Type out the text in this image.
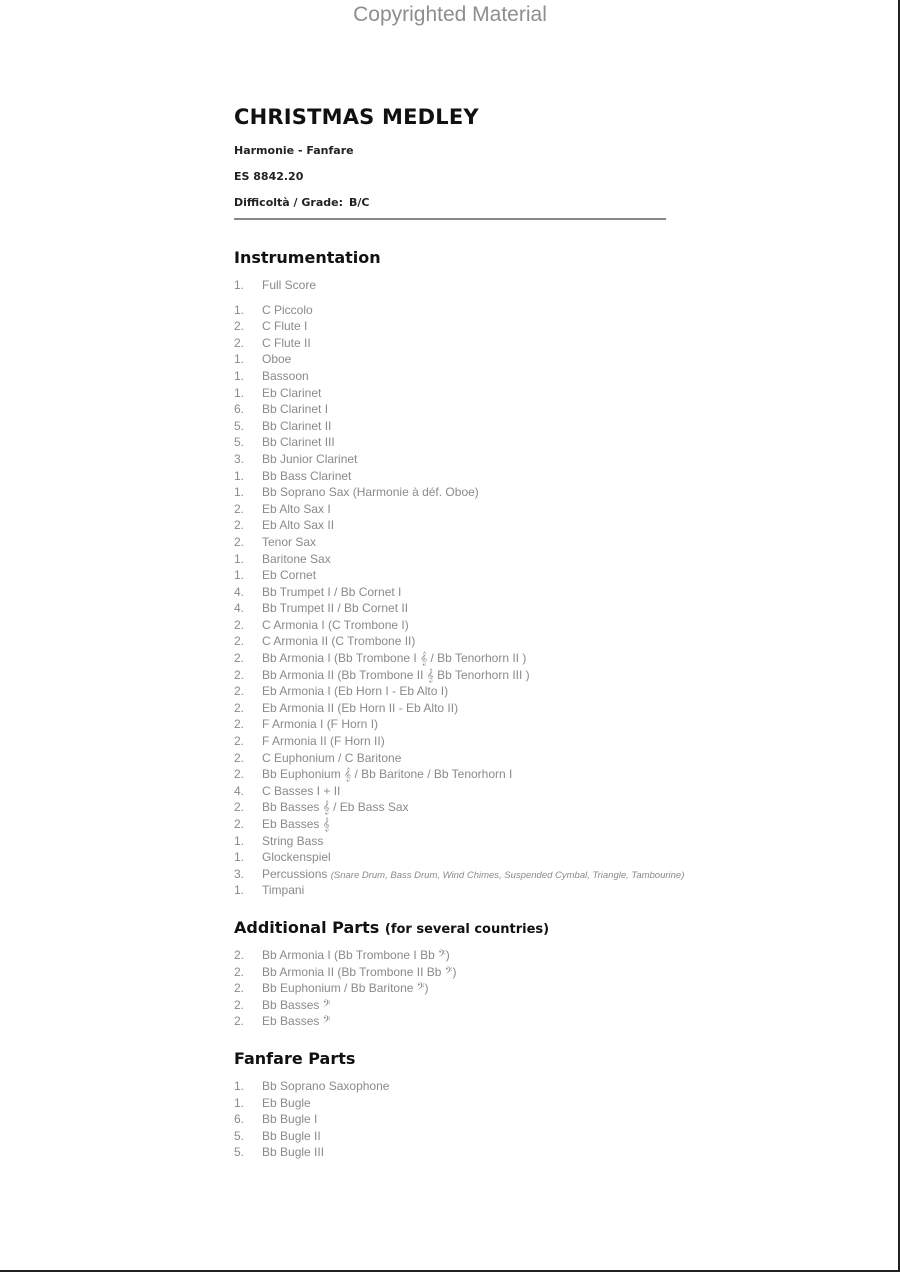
Copyrighted Material
CHRISTMAS MEDLEY
Harmonie - Fanfare
ES 8842.20
Difficoltà / Grade: B/C
Instrumentation
1. Full Score
1. C Piccolo
2. C Flute I
2. C Flute II
1. Oboe
1. Bassoon
1. Eb Clarinet
6. Bb Clarinet I
5. Bb Clarinet II
5. Bb Clarinet III
3. Bb Junior Clarinet
1. Bb Bass Clarinet
1. Bb Soprano Sax (Harmonie à déf. Oboe)
2. Eb Alto Sax I
2. Eb Alto Sax II
2. Tenor Sax
1. Baritone Sax
1. Eb Cornet
4. Bb Trumpet I / Bb Cornet I
4. Bb Trumpet II / Bb Cornet II
2. C Armonia I (C Trombone I)
2. C Armonia II (C Trombone II)
2. Bb Armonia I (Bb Trombone I 𝄞 / Bb Tenorhorn II )
2. Bb Armonia II (Bb Trombone II 𝄞 Bb Tenorhorn III )
2. Eb Armonia I (Eb Horn I - Eb Alto I)
2. Eb Armonia II (Eb Horn II - Eb Alto II)
2. F Armonia I (F Horn I)
2. F Armonia II (F Horn II)
2. C Euphonium / C Baritone
2. Bb Euphonium 𝄞 / Bb Baritone / Bb Tenorhorn I
4. C Basses I + II
2. Bb Basses 𝄞 / Eb Bass Sax
2. Eb Basses 𝄞
1. String Bass
1. Glockenspiel
3. Percussions (Snare Drum, Bass Drum, Wind Chimes, Suspended Cymbal, Triangle, Tambourine)
1. Timpani
Additional Parts (for several countries)
2. Bb Armonia I (Bb Trombone I Bb 𝄢)
2. Bb Armonia II (Bb Trombone II Bb 𝄢)
2. Bb Euphonium / Bb Baritone 𝄢)
2. Bb Basses 𝄢
2. Eb Basses 𝄢
Fanfare Parts
1. Bb Soprano Saxophone
1. Eb Bugle
6. Bb Bugle I
5. Bb Bugle II
5. Bb Bugle III
